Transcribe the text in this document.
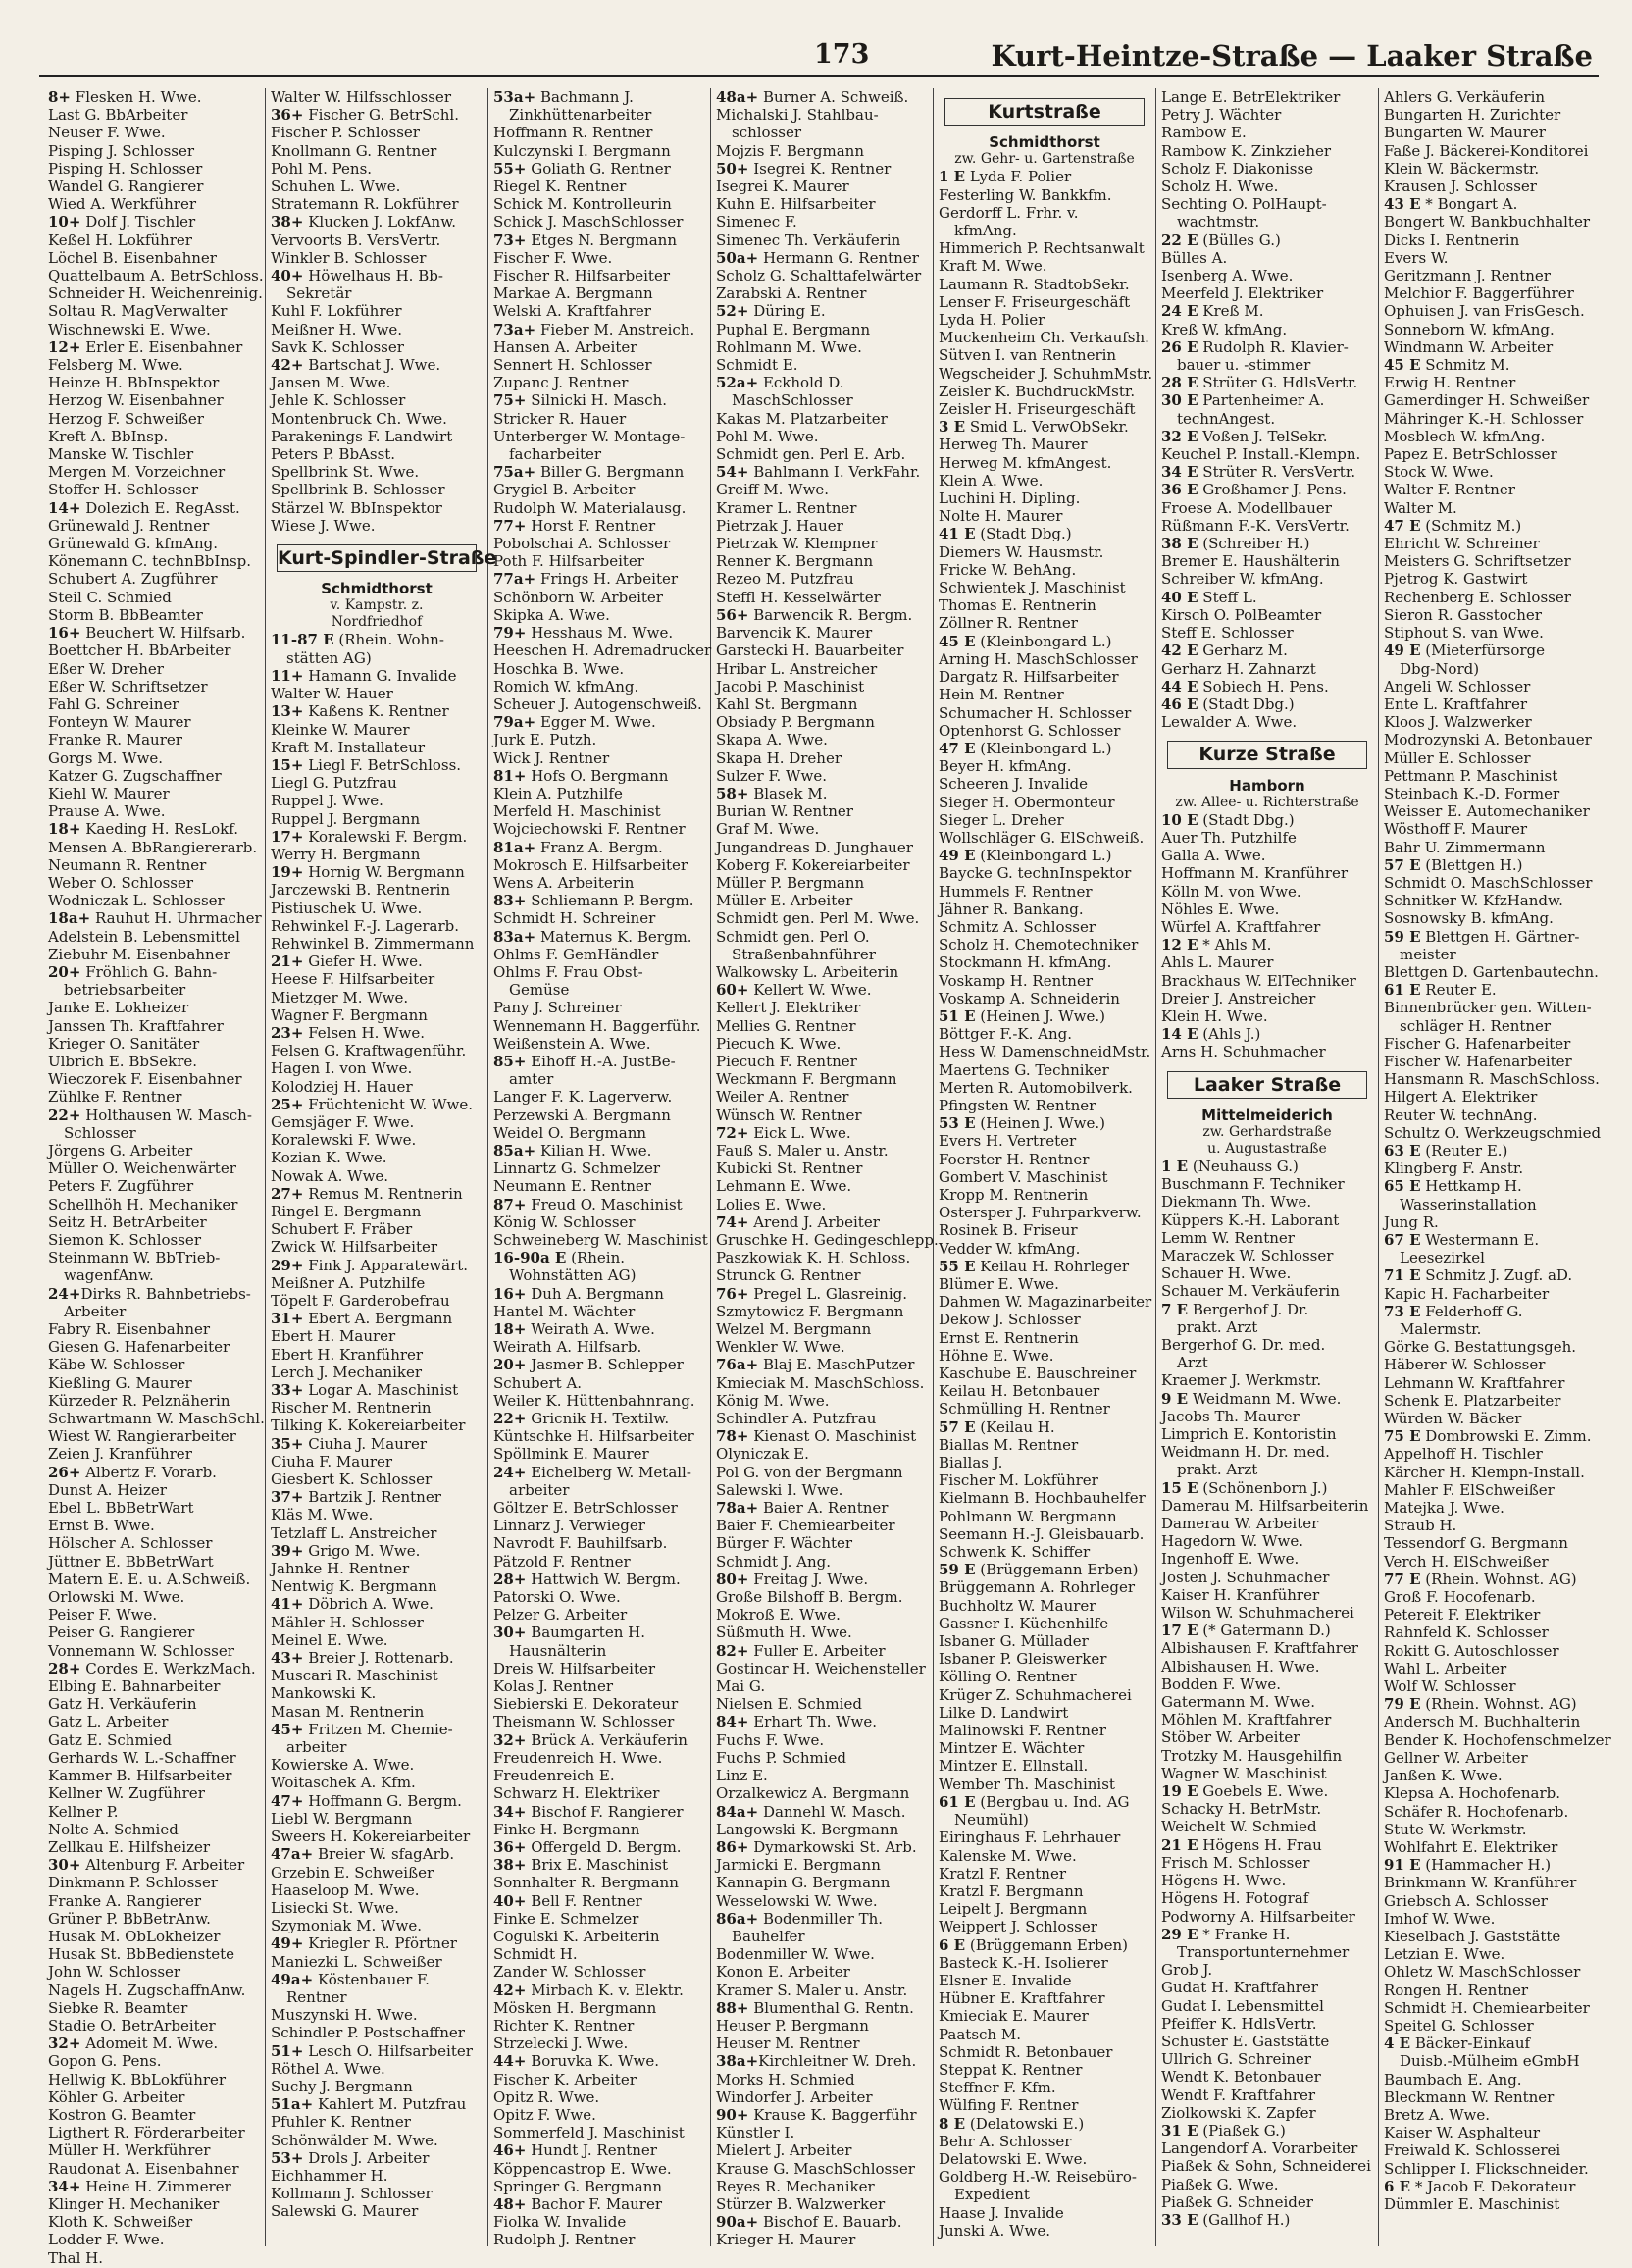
173	Kurt-Heintze-Straße — Laaker Straße
8+ Flesken H. Wwe.
Last G. BbArbeiter
Neuser F. Wwe.
Pisping J. Schlosser
Pisping H. Schlosser
Wandel G. Rangierer
Wied A. Werkführer
10+ Dolf J. Tischler
Keßel H. Lokführer
Löchel B. Eisenbahner
Quattelbaum A. BetrSchloss.
Schneider H. Weichenreinig.
Soltau R. MagVerwalter
Wischnewski E. Wwe.
12+ Erler E. Eisenbahner
Felsberg M. Wwe.
Heinze H. BbInspektor
Herzog W. Eisenbahner
Herzog F. Schweißer
Kreft A. BbInsp.
Manske W. Tischler
Mergen M. Vorzeichner
Stoffer H. Schlosser
14+ Dolezich E. RegAsst.
Grünewald J. Rentner
Grünewald G. kfmAng.
Könemann C. technBbInsp.
Schubert A. Zugführer
Steil C. Schmied
Storm B. BbBeamter
16+ Beuchert W. Hilfsarb.
Boettcher H. BbArbeiter
Eßer W. Dreher
Eßer W. Schriftsetzer
Fahl G. Schreiner
Fonteyn W. Maurer
Franke R. Maurer
Gorgs M. Wwe.
Katzer G. Zugschaffner
Kiehl W. Maurer
Prause A. Wwe.
18+ Kaeding H. ResLokf.
Mensen A. BbRangiererarb.
Neumann R. Rentner
Weber O. Schlosser
Wodniczak L. Schlosser
18a+ Rauhut H. Uhrmacher
Adelstein B. Lebensmittel
Ziebuhr M. Eisenbahner
20+ Fröhlich G. Bahn-
betriebsarbeiter
Janke E. Lokheizer
Janssen Th. Kraftfahrer
Krieger O. Sanitäter
Ulbrich E. BbSekre.
Wieczorek F. Eisenbahner
Zühlke F. Rentner
22+ Holthausen W. Masch-
Schlosser
Jörgens G. Arbeiter
Müller O. Weichenwärter
Peters F. Zugführer
Schellhöh H. Mechaniker
Seitz H. BetrArbeiter
Siemon K. Schlosser
Steinmann W. BbTrieb-
wagenfAnw.
24+Dirks R. Bahnbetriebs-
Arbeiter
Fabry R. Eisenbahner
Giesen G. Hafenarbeiter
Käbe W. Schlosser
Kießling G. Maurer
Kürzeder R. Pelznäherin
Schwartmann W. MaschSchl.
Wiest W. Rangierarbeiter
Zeien J. Kranführer
26+ Albertz F. Vorarb.
Dunst A. Heizer
Ebel L. BbBetrWart
Ernst B. Wwe.
Hölscher A. Schlosser
Jüttner E. BbBetrWart
Matern E. E. u. A.Schweiß.
Orlowski M. Wwe.
Peiser F. Wwe.
Peiser G. Rangierer
Vonnemann W. Schlosser
28+ Cordes E. WerkzMach.
Elbing E. Bahnarbeiter
Gatz H. Verkäuferin
Gatz L. Arbeiter
Gatz E. Schmied
Gerhards W. L.-Schaffner
Kammer B. Hilfsarbeiter
Kellner W. Zugführer
Kellner P.
Nolte A. Schmied
Zellkau E. Hilfsheizer
30+ Altenburg F. Arbeiter
Dinkmann P. Schlosser
Franke A. Rangierer
Grüner P. BbBetrAnw.
Husak M. ObLokheizer
Husak St. BbBedienstete
John W. Schlosser
Nagels H. ZugschaffnAnw.
Siebke R. Beamter
Stadie O. BetrArbeiter
32+ Adomeit M. Wwe.
Gopon G. Pens.
Hellwig K. BbLokführer
Köhler G. Arbeiter
Kostron G. Beamter
Ligthert R. Förderarbeiter
Müller H. Werkführer
Raudonat A. Eisenbahner
34+ Heine H. Zimmerer
Klinger H. Mechaniker
Kloth K. Schweißer
Lodder F. Wwe.
Thal H.
Walter W. Hilfsschlosser
36+ Fischer G. BetrSchl.
Fischer P. Schlosser
Knollmann G. Rentner
Pohl M. Pens.
Schuhen L. Wwe.
Stratemann R. Lokführer
38+ Klucken J. LokfAnw.
Vervoorts B. VersVertr.
Winkler B. Schlosser
40+ Höwelhaus H. Bb-
Sekretär
Kuhl F. Lokführer
Meißner H. Wwe.
Savk K. Schlosser
42+ Bartschat J. Wwe.
Jansen M. Wwe.
Jehle K. Schlosser
Montenbruck Ch. Wwe.
Parakenings F. Landwirt
Peters P. BbAsst.
Spellbrink St. Wwe.
Spellbrink B. Schlosser
Stärzel W. BbInspektor
Wiese J. Wwe.
Kurt-Spindler-Straße
Schmidthorst
v. Kampstr. z.
Nordfriedhof
11-87 E (Rhein. Wohn-
stätten AG)
11+ Hamann G. Invalide
Walter W. Hauer
13+ Kaßens K. Rentner
Kleinke W. Maurer
Kraft M. Installateur
15+ Liegl F. BetrSchloss.
Liegl G. Putzfrau
Ruppel J. Wwe.
Ruppel J. Bergmann
17+ Koralewski F. Bergm.
Werry H. Bergmann
19+ Hornig W. Bergmann
Jarczewski B. Rentnerin
Pistiuschek U. Wwe.
Rehwinkel F.-J. Lagerarb.
Rehwinkel B. Zimmermann
21+ Giefer H. Wwe.
Heese F. Hilfsarbeiter
Mietzger M. Wwe.
Wagner F. Bergmann
23+ Felsen H. Wwe.
Felsen G. Kraftwagenführ.
Hagen I. von Wwe.
Kolodziej H. Hauer
25+ Früchtenicht W. Wwe.
Gemsjäger F. Wwe.
Koralewski F. Wwe.
Kozian K. Wwe.
Nowak A. Wwe.
27+ Remus M. Rentnerin
Ringel E. Bergmann
Schubert F. Fräber
Zwick W. Hilfsarbeiter
29+ Fink J. Apparatewärt.
Meißner A. Putzhilfe
Töpelt F. Garderobefrau
31+ Ebert A. Bergmann
Ebert H. Maurer
Ebert H. Kranführer
Lerch J. Mechaniker
33+ Logar A. Maschinist
Rischer M. Rentnerin
Tilking K. Kokereiarbeiter
35+ Ciuha J. Maurer
Ciuha F. Maurer
Giesbert K. Schlosser
37+ Bartzik J. Rentner
Kläs M. Wwe.
Tetzlaff L. Anstreicher
39+ Grigo M. Wwe.
Jahnke H. Rentner
Nentwig K. Bergmann
41+ Döbrich A. Wwe.
Mähler H. Schlosser
Meinel E. Wwe.
43+ Breier J. Rottenarb.
Muscari R. Maschinist
Mankowski K.
Masan M. Rentnerin
45+ Fritzen M. Chemie-
arbeiter
Kowierske A. Wwe.
Woitaschek A. Kfm.
47+ Hoffmann G. Bergm.
Liebl W. Bergmann
Sweers H. Kokereiarbeiter
47a+ Breier W. sfagArb.
Grzebin E. Schweißer
Haaseloop M. Wwe.
Lisiecki St. Wwe.
Szymoniak M. Wwe.
49+ Kriegler R. Pförtner
Maniezki L. Schweißer
49a+ Köstenbauer F.
Rentner
Muszynski H. Wwe.
Schindler P. Postschaffner
51+ Lesch O. Hilfsarbeiter
Röthel A. Wwe.
Suchy J. Bergmann
51a+ Kahlert M. Putzfrau
Pfuhler K. Rentner
Schönwälder M. Wwe.
53+ Drols J. Arbeiter
Eichhammer H.
Kollmann J. Schlosser
Salewski G. Maurer
53a+ Bachmann J.
Zinkhüttenarbeiter
Hoffmann R. Rentner
Kulczynski I. Bergmann
55+ Goliath G. Rentner
Riegel K. Rentner
Schick M. Kontrolleurin
Schick J. MaschSchlosser
73+ Etges N. Bergmann
Fischer F. Wwe.
Fischer R. Hilfsarbeiter
Markae A. Bergmann
Welski A. Kraftfahrer
73a+ Fieber M. Anstreich.
Hansen A. Arbeiter
Sennert H. Schlosser
Zupanc J. Rentner
75+ Silnicki H. Masch.
Stricker R. Hauer
Unterberger W. Montage-
facharbeiter
75a+ Biller G. Bergmann
Grygiel B. Arbeiter
Rudolph W. Materialausg.
77+ Horst F. Rentner
Pobolschai A. Schlosser
Poth F. Hilfsarbeiter
77a+ Frings H. Arbeiter
Schönborn W. Arbeiter
Skipka A. Wwe.
79+ Hesshaus M. Wwe.
Heeschen H. Adremadrucker
Hoschka B. Wwe.
Romich W. kfmAng.
Scheuer J. Autogenschweiß.
79a+ Egger M. Wwe.
Jurk E. Putzh.
Wick J. Rentner
81+ Hofs O. Bergmann
Klein A. Putzhilfe
Merfeld H. Maschinist
Wojciechowski F. Rentner
81a+ Franz A. Bergm.
Mokrosch E. Hilfsarbeiter
Wens A. Arbeiterin
83+ Schliemann P. Bergm.
Schmidt H. Schreiner
83a+ Maternus K. Bergm.
Ohlms F. GemHändler
Ohlms F. Frau Obst-
Gemüse
Pany J. Schreiner
Wennemann H. Baggerführ.
Weißenstein A. Wwe.
85+ Eihoff H.-A. JustBe-
amter
Langer F. K. Lagerverw.
Perzewski A. Bergmann
Weidel O. Bergmann
85a+ Kilian H. Wwe.
Linnartz G. Schmelzer
Neumann E. Rentner
87+ Freud O. Maschinist
König W. Schlosser
Schweineberg W. Maschinist
16-90a E (Rhein.
Wohnstätten AG)
16+ Duh A. Bergmann
Hantel M. Wächter
18+ Weirath A. Wwe.
Weirath A. Hilfsarb.
20+ Jasmer B. Schlepper
Schubert A.
Weiler K. Hüttenbahnrang.
22+ Gricnik H. Textilw.
Küntschke H. Hilfsarbeiter
Spöllmink E. Maurer
24+ Eichelberg W. Metall-
arbeiter
Göltzer E. BetrSchlosser
Linnarz J. Verwieger
Navrodt F. Bauhilfsarb.
Pätzold F. Rentner
28+ Hattwich W. Bergm.
Patorski O. Wwe.
Pelzer G. Arbeiter
30+ Baumgarten H.
Hausnälterin
Dreis W. Hilfsarbeiter
Kolas J. Rentner
Siebierski E. Dekorateur
Theismann W. Schlosser
32+ Brück A. Verkäuferin
Freudenreich H. Wwe.
Freudenreich E.
Schwarz H. Elektriker
34+ Bischof F. Rangierer
Finke H. Bergmann
36+ Offergeld D. Bergm.
38+ Brix E. Maschinist
Sonnhalter R. Bergmann
40+ Bell F. Rentner
Finke E. Schmelzer
Cogulski K. Arbeiterin
Schmidt H.
Zander W. Schlosser
42+ Mirbach K. v. Elektr.
Mösken H. Bergmann
Richter K. Rentner
Strzelecki J. Wwe.
44+ Boruvka K. Wwe.
Fischer K. Arbeiter
Opitz R. Wwe.
Opitz F. Wwe.
Sommerfeld J. Maschinist
46+ Hundt J. Rentner
Köppencastrop E. Wwe.
Springer G. Bergmann
48+ Bachor F. Maurer
Fiolka W. Invalide
Rudolph J. Rentner
48a+ Burner A. Schweiß.
Michalski J. Stahlbau-
schlosser
Mojzis F. Bergmann
50+ Isegrei K. Rentner
Isegrei K. Maurer
Kuhn E. Hilfsarbeiter
Simenec F.
Simenec Th. Verkäuferin
50a+ Hermann G. Rentner
Scholz G. Schalttafelwärter
Zarabski A. Rentner
52+ Düring E.
Puphal E. Bergmann
Rohlmann M. Wwe.
Schmidt E.
52a+ Eckhold D.
MaschSchlosser
Kakas M. Platzarbeiter
Pohl M. Wwe.
Schmidt gen. Perl E. Arb.
54+ Bahlmann I. VerkFahr.
Greiff M. Wwe.
Kramer L. Rentner
Pietrzak J. Hauer
Pietrzak W. Klempner
Renner K. Bergmann
Rezeo M. Putzfrau
Steffl H. Kesselwärter
56+ Barwencik R. Bergm.
Barvencik K. Maurer
Garstecki H. Bauarbeiter
Hribar L. Anstreicher
Jacobi P. Maschinist
Kahl St. Bergmann
Obsiady P. Bergmann
Skapa A. Wwe.
Skapa H. Dreher
Sulzer F. Wwe.
58+ Blasek M.
Burian W. Rentner
Graf M. Wwe.
Jungandreas D. Junghauer
Koberg F. Kokereiarbeiter
Müller P. Bergmann
Müller E. Arbeiter
Schmidt gen. Perl M. Wwe.
Schmidt gen. Perl O.
Straßenbahnführer
Walkowsky L. Arbeiterin
60+ Kellert W. Wwe.
Kellert J. Elektriker
Mellies G. Rentner
Piecuch K. Wwe.
Piecuch F. Rentner
Weckmann F. Bergmann
Weiler A. Rentner
Wünsch W. Rentner
72+ Eick L. Wwe.
Fauß S. Maler u. Anstr.
Kubicki St. Rentner
Lehmann E. Wwe.
Lolies E. Wwe.
74+ Arend J. Arbeiter
Gruschke H. Gedingeschlepp.
Paszkowiak K. H. Schloss.
Strunck G. Rentner
76+ Pregel L. Glasreinig.
Szmytowicz F. Bergmann
Welzel M. Bergmann
Wenkler W. Wwe.
76a+ Blaj E. MaschPutzer
Kmieciak M. MaschSchloss.
König M. Wwe.
Schindler A. Putzfrau
78+ Kienast O. Maschinist
Olyniczak E.
Pol G. von der Bergmann
Salewski I. Wwe.
78a+ Baier A. Rentner
Baier F. Chemiearbeiter
Bürger F. Wächter
Schmidt J. Ang.
80+ Freitag J. Wwe.
Große Bilshoff B. Bergm.
Mokroß E. Wwe.
Süßmuth H. Wwe.
82+ Fuller E. Arbeiter
Gostincar H. Weichensteller
Mai G.
Nielsen E. Schmied
84+ Erhart Th. Wwe.
Fuchs F. Wwe.
Fuchs P. Schmied
Linz E.
Orzalkewicz A. Bergmann
84a+ Dannehl W. Masch.
Langowski K. Bergmann
86+ Dymarkowski St. Arb.
Jarmicki E. Bergmann
Kannapin G. Bergmann
Wesselowski W. Wwe.
86a+ Bodenmiller Th.
Bauhelfer
Bodenmiller W. Wwe.
Konon E. Arbeiter
Kramer S. Maler u. Anstr.
88+ Blumenthal G. Rentn.
Heuser P. Bergmann
Heuser M. Rentner
38a+Kirchleitner W. Dreh.
Morks H. Schmied
Windorfer J. Arbeiter
90+ Krause K. Baggerführ
Künstler I.
Mielert J. Arbeiter
Krause G. MaschSchlosser
Reyes R. Mechaniker
Stürzer B. Walzwerker
90a+ Bischof E. Bauarb.
Krieger H. Maurer
Kurtstraße
Schmidthorst
zw. Gehr- u. Gartenstraße
1 E Lyda F. Polier
Festerling W. Bankkfm.
Gerdorff L. Frhr. v.
kfmAng.
Himmerich P. Rechtsanwalt
Kraft M. Wwe.
Laumann R. StadtobSekr.
Lenser F. Friseurgeschäft
Lyda H. Polier
Muckenheim Ch. Verkaufsh.
Sütven I. van Rentnerin
Wegscheider J. SchuhmMstr.
Zeisler K. BuchdruckMstr.
Zeisler H. Friseurgeschäft
3 E Smid L. VerwObSekr.
Herweg Th. Maurer
Herweg M. kfmAngest.
Klein A. Wwe.
Luchini H. Dipling.
Nolte H. Maurer
41 E (Stadt Dbg.)
Diemers W. Hausmstr.
Fricke W. BehAng.
Schwientek J. Maschinist
Thomas E. Rentnerin
Zöllner R. Rentner
45 E (Kleinbongard L.)
Arning H. MaschSchlosser
Dargatz R. Hilfsarbeiter
Hein M. Rentner
Schumacher H. Schlosser
Optenhorst G. Schlosser
47 E (Kleinbongard L.)
Beyer H. kfmAng.
Scheeren J. Invalide
Sieger H. Obermonteur
Sieger L. Dreher
Wollschläger G. ElSchweiß.
49 E (Kleinbongard L.)
Baycke G. technInspektor
Hummels F. Rentner
Jähner R. Bankang.
Schmitz A. Schlosser
Scholz H. Chemotechniker
Stockmann H. kfmAng.
Voskamp H. Rentner
Voskamp A. Schneiderin
51 E (Heinen J. Wwe.)
Böttger F.-K. Ang.
Hess W. DamenschneidMstr.
Maertens G. Techniker
Merten R. Automobilverk.
Pfingsten W. Rentner
53 E (Heinen J. Wwe.)
Evers H. Vertreter
Foerster H. Rentner
Gombert V. Maschinist
Kropp M. Rentnerin
Ostersper J. Fuhrparkverw.
Rosinek B. Friseur
Vedder W. kfmAng.
55 E Keilau H. Rohrleger
Blümer E. Wwe.
Dahmen W. Magazinarbeiter
Dekow J. Schlosser
Ernst E. Rentnerin
Höhne E. Wwe.
Kaschube E. Bauschreiner
Keilau H. Betonbauer
Schmülling H. Rentner
57 E (Keilau H.
Biallas M. Rentner
Biallas J.
Fischer M. Lokführer
Kielmann B. Hochbauhelfer
Pohlmann W. Bergmann
Seemann H.-J. Gleisbauarb.
Schwenk K. Schiffer
59 E (Brüggemann Erben)
Brüggemann A. Rohrleger
Buchholtz W. Maurer
Gassner I. Küchenhilfe
Isbaner G. Müllader
Isbaner P. Gleiswerker
Kölling O. Rentner
Krüger Z. Schuhmacherei
Lilke D. Landwirt
Malinowski F. Rentner
Mintzer E. Wächter
Mintzer E. Ellnstall.
Wember Th. Maschinist
61 E (Bergbau u. Ind. AG
Neumühl)
Eiringhaus F. Lehrhauer
Kalenske M. Wwe.
Kratzl F. Rentner
Kratzl F. Bergmann
Leipelt J. Bergmann
Weippert J. Schlosser
6 E (Brüggemann Erben)
Basteck K.-H. Isolierer
Elsner E. Invalide
Hübner E. Kraftfahrer
Kmieciak E. Maurer
Paatsch M.
Schmidt R. Betonbauer
Steppat K. Rentner
Steffner F. Kfm.
Wülfing F. Rentner
8 E (Delatowski E.)
Behr A. Schlosser
Delatowski E. Wwe.
Goldberg H.-W. Reisebüro-
Expedient
Haase J. Invalide
Junski A. Wwe.
Lange E. BetrElektriker
Petry J. Wächter
Rambow E.
Rambow K. Zinkzieher
Scholz F. Diakonisse
Scholz H. Wwe.
Sechting O. PolHaupt-
wachtmstr.
22 E (Bülles G.)
Bülles A.
Isenberg A. Wwe.
Meerfeld J. Elektriker
24 E Kreß M.
Kreß W. kfmAng.
26 E Rudolph R. Klavier-
bauer u. -stimmer
28 E Strüter G. HdlsVertr.
30 E Partenheimer A.
technAngest.
32 E Voßen J. TelSekr.
Keuchel P. Install.-Klempn.
34 E Strüter R. VersVertr.
36 E Großhamer J. Pens.
Froese A. Modellbauer
Rüßmann F.-K. VersVertr.
38 E (Schreiber H.)
Bremer E. Haushälterin
Schreiber W. kfmAng.
40 E Steff L.
Kirsch O. PolBeamter
Steff E. Schlosser
42 E Gerharz M.
Gerharz H. Zahnarzt
44 E Sobiech H. Pens.
46 E (Stadt Dbg.)
Lewalder A. Wwe.
Kurze Straße
Hamborn
zw. Allee- u. Richterstraße
10 E (Stadt Dbg.)
Auer Th. Putzhilfe
Galla A. Wwe.
Hoffmann M. Kranführer
Kölln M. von Wwe.
Nöhles E. Wwe.
Würfel A. Kraftfahrer
12 E * Ahls M.
Ahls L. Maurer
Brackhaus W. ElTechniker
Dreier J. Anstreicher
Klein H. Wwe.
14 E (Ahls J.)
Arns H. Schuhmacher
Laaker Straße
Mittelmeiderich
zw. Gerhardstraße
u. Augustastraße
1 E (Neuhauss G.)
Buschmann F. Techniker
Diekmann Th. Wwe.
Küppers K.-H. Laborant
Lemm W. Rentner
Maraczek W. Schlosser
Schauer H. Wwe.
Schauer M. Verkäuferin
7 E Bergerhof J. Dr.
prakt. Arzt
Bergerhof G. Dr. med.
Arzt
Kraemer J. Werkmstr.
9 E Weidmann M. Wwe.
Jacobs Th. Maurer
Limprich E. Kontoristin
Weidmann H. Dr. med.
prakt. Arzt
15 E (Schönenborn J.)
Damerau M. Hilfsarbeiterin
Damerau W. Arbeiter
Hagedorn W. Wwe.
Ingenhoff E. Wwe.
Josten J. Schuhmacher
Kaiser H. Kranführer
Wilson W. Schuhmacherei
17 E (* Gatermann D.)
Albishausen F. Kraftfahrer
Albishausen H. Wwe.
Bodden F. Wwe.
Gatermann M. Wwe.
Möhlen M. Kraftfahrer
Stöber W. Arbeiter
Trotzky M. Hausgehilfin
Wagner W. Maschinist
19 E Goebels E. Wwe.
Schacky H. BetrMstr.
Weichelt W. Schmied
21 E Högens H. Frau
Frisch M. Schlosser
Högens H. Wwe.
Högens H. Fotograf
Podworny A. Hilfsarbeiter
29 E * Franke H.
Transportunternehmer
Grob J.
Gudat H. Kraftfahrer
Gudat I. Lebensmittel
Pfeiffer K. HdlsVertr.
Schuster E. Gaststätte
Ullrich G. Schreiner
Wendt K. Betonbauer
Wendt F. Kraftfahrer
Ziolkowski K. Zapfer
31 E (Piaßek G.)
Langendorf A. Vorarbeiter
Piaßek & Sohn, Schneiderei
Piaßek G. Wwe.
Piaßek G. Schneider
33 E (Gallhof H.)
Ahlers G. Verkäuferin
Bungarten H. Zurichter
Bungarten W. Maurer
Faße J. Bäckerei-Konditorei
Klein W. Bäckermstr.
Krausen J. Schlosser
43 E * Bongart A.
Bongert W. Bankbuchhalter
Dicks I. Rentnerin
Evers W.
Geritzmann J. Rentner
Melchior F. Baggerführer
Ophuisen J. van FrisGesch.
Sonneborn W. kfmAng.
Windmann W. Arbeiter
45 E Schmitz M.
Erwig H. Rentner
Gamerdinger H. Schweißer
Mähringer K.-H. Schlosser
Mosblech W. kfmAng.
Papez E. BetrSchlosser
Stock W. Wwe.
Walter F. Rentner
Walter M.
47 E (Schmitz M.)
Ehricht W. Schreiner
Meisters G. Schriftsetzer
Pjetrog K. Gastwirt
Rechenberg E. Schlosser
Sieron R. Gasstocher
Stiphout S. van Wwe.
49 E (Mieterfürsorge
Dbg-Nord)
Angeli W. Schlosser
Ente L. Kraftfahrer
Kloos J. Walzwerker
Modrozynski A. Betonbauer
Müller E. Schlosser
Pettmann P. Maschinist
Steinbach K.-D. Former
Weisser E. Automechaniker
Wösthoff F. Maurer
Bahr U. Zimmermann
57 E (Blettgen H.)
Schmidt O. MaschSchlosser
Schnitker W. KfzHandw.
Sosnowsky B. kfmAng.
59 E Blettgen H. Gärtner-
meister
Blettgen D. Gartenbautechn.
61 E Reuter E.
Binnenbrücker gen. Witten-
schläger H. Rentner
Fischer G. Hafenarbeiter
Fischer W. Hafenarbeiter
Hansmann R. MaschSchloss.
Hilgert A. Elektriker
Reuter W. technAng.
Schultz O. Werkzeugschmied
63 E (Reuter E.)
Klingberg F. Anstr.
65 E Hettkamp H.
Wasserinstallation
Jung R.
67 E Westermann E.
Leesezirkel
71 E Schmitz J. Zugf. aD.
Kapic H. Facharbeiter
73 E Felderhoff G.
Malermstr.
Görke G. Bestattungsgeh.
Häberer W. Schlosser
Lehmann W. Kraftfahrer
Schenk E. Platzarbeiter
Würden W. Bäcker
75 E Dombrowski E. Zimm.
Appelhoff H. Tischler
Kärcher H. Klempn-Install.
Mahler F. ElSchweißer
Matejka J. Wwe.
Straub H.
Tessendorf G. Bergmann
Verch H. ElSchweißer
77 E (Rhein. Wohnst. AG)
Groß F. Hocofenarb.
Petereit F. Elektriker
Rahnfeld K. Schlosser
Rokitt G. Autoschlosser
Wahl L. Arbeiter
Wolf W. Schlosser
79 E (Rhein. Wohnst. AG)
Andersch M. Buchhalterin
Bender K. Hochofenschmelzer
Gellner W. Arbeiter
Janßen K. Wwe.
Klepsa A. Hochofenarb.
Schäfer R. Hochofenarb.
Stute W. Werkmstr.
Wohlfahrt E. Elektriker
91 E (Hammacher H.)
Brinkmann W. Kranführer
Griebsch A. Schlosser
Imhof W. Wwe.
Kieselbach J. Gaststätte
Letzian E. Wwe.
Ohletz W. MaschSchlosser
Rongen H. Rentner
Schmidt H. Chemiearbeiter
Speitel G. Schlosser
4 E Bäcker-Einkauf
Duisb.-Mülheim eGmbH
Baumbach E. Ang.
Bleckmann W. Rentner
Bretz A. Wwe.
Kaiser W. Asphalteur
Freiwald K. Schlosserei
Schlipper I. Flickschneider.
6 E * Jacob F. Dekorateur
Dümmler E. Maschinist
